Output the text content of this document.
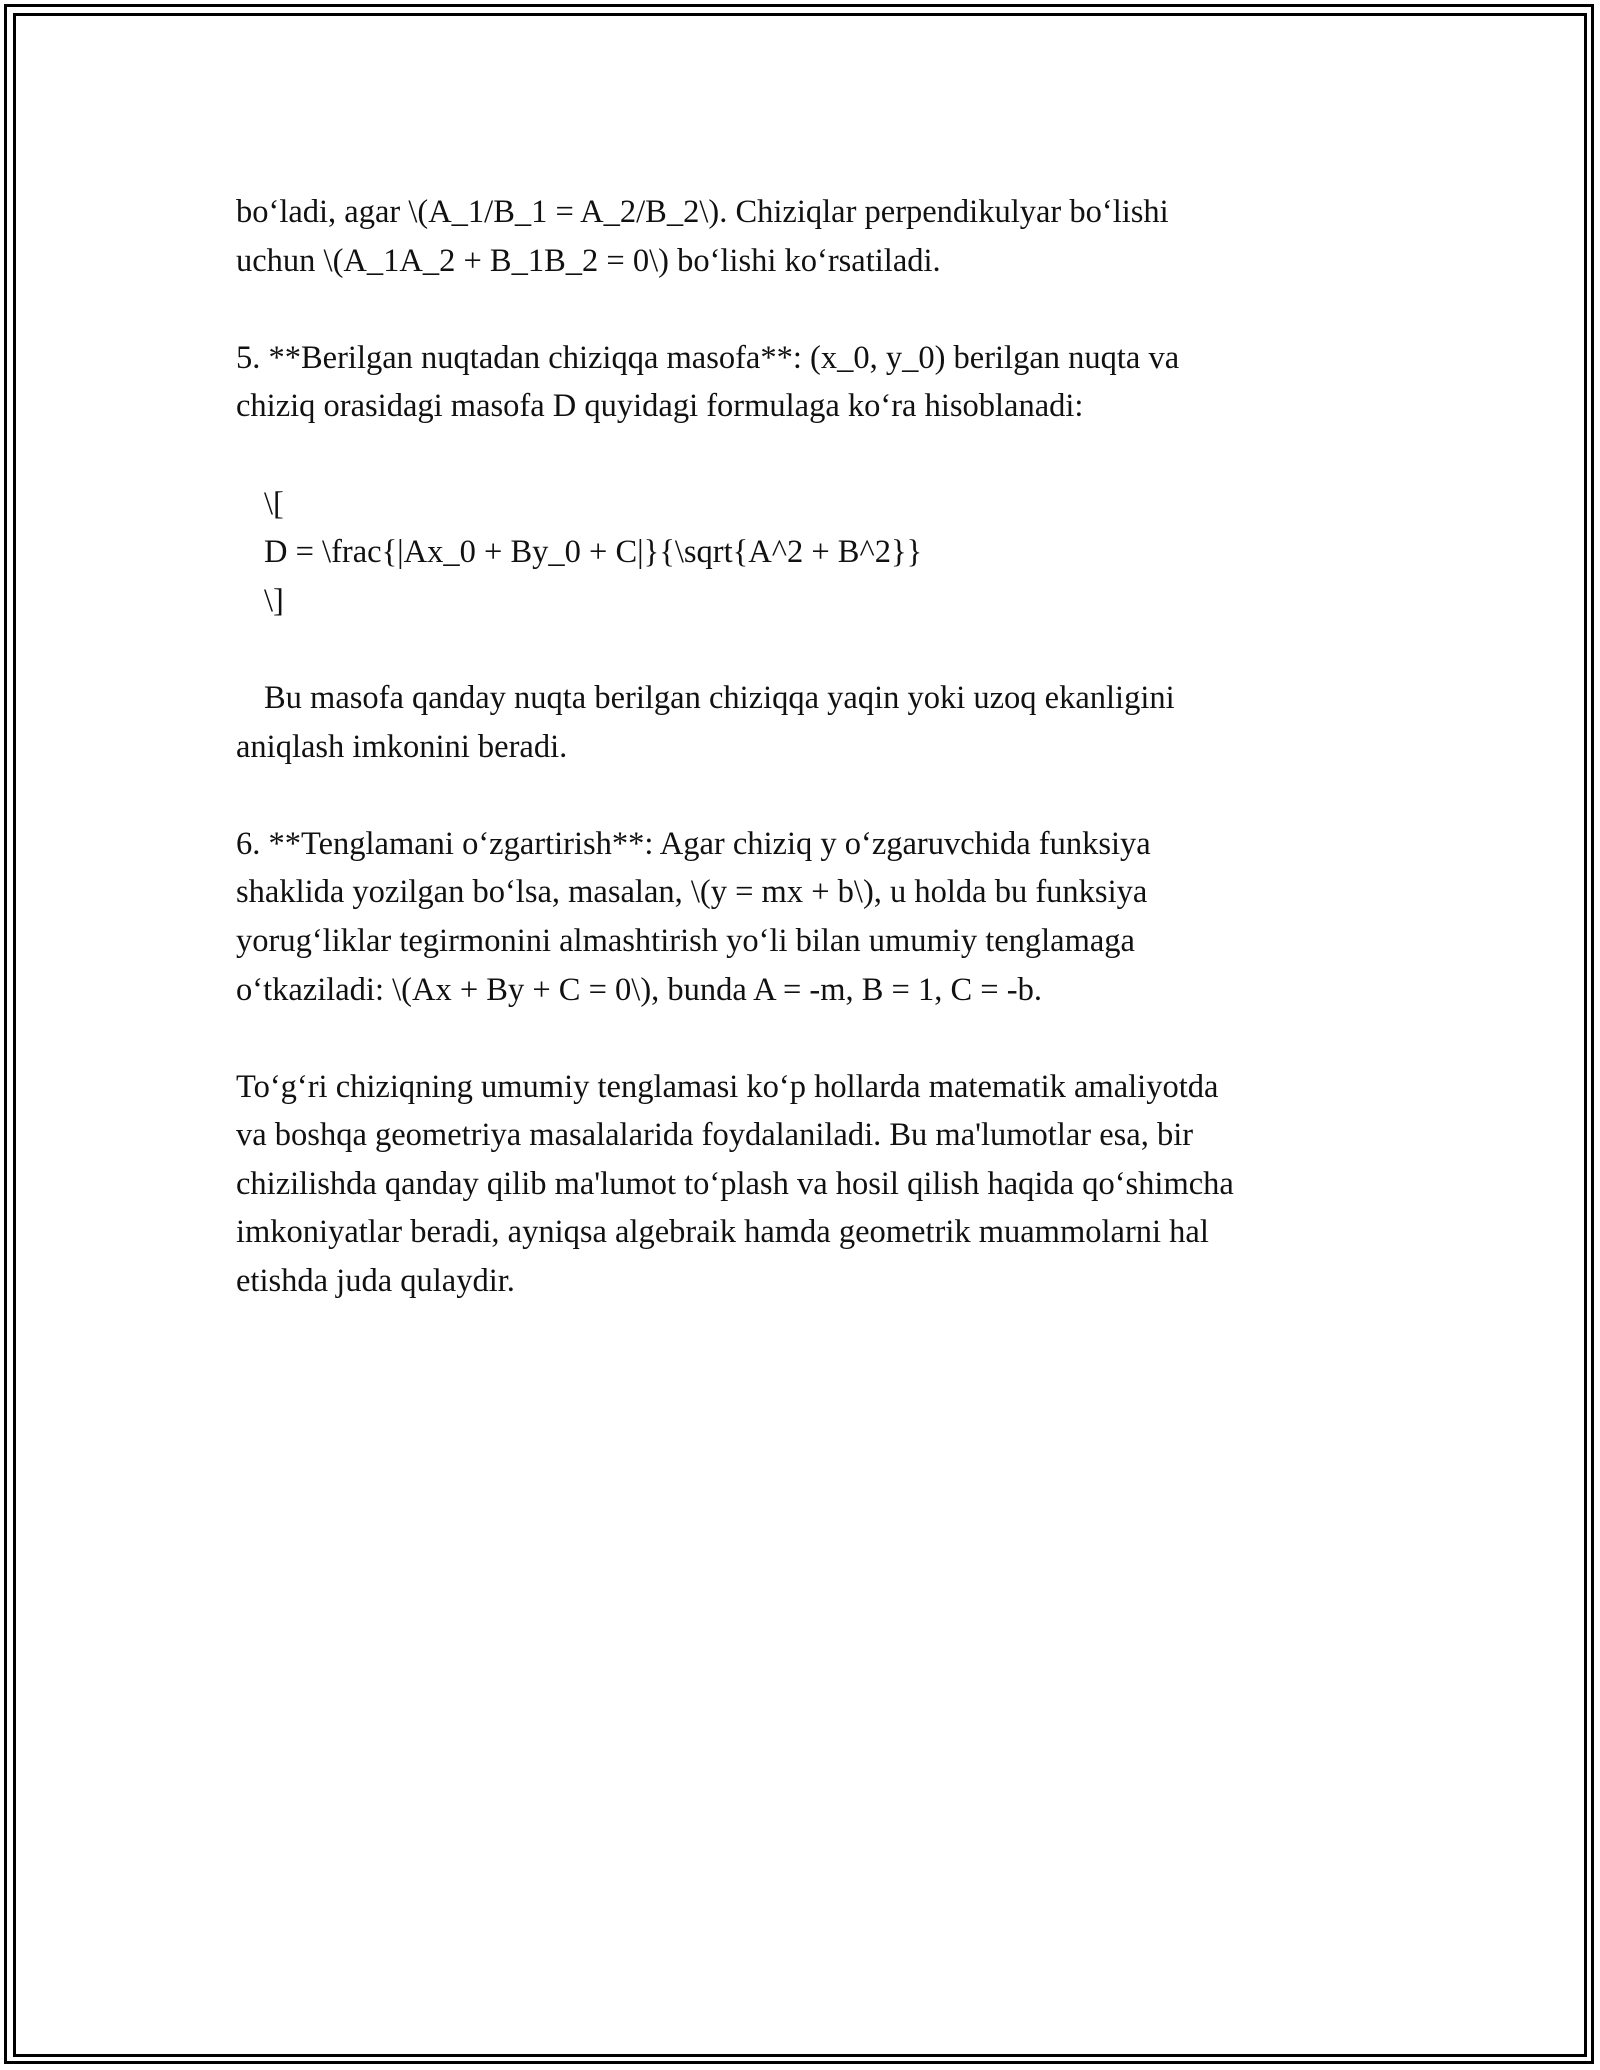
bo‘ladi, agar \(A_1/B_1 = A_2/B_2\). Chiziqlar perpendikulyar bo‘lishi
uchun \(A_1A_2 + B_1B_2 = 0\) bo‘lishi ko‘rsatiladi.

5. **Berilgan nuqtadan chiziqqa masofa**: (x_0, y_0) berilgan nuqta va
chiziq orasidagi masofa D quyidagi formulaga ko‘ra hisoblanadi:

\[
D = \frac{|Ax_0 + By_0 + C|}{\sqrt{A^2 + B^2}}
\]

Bu masofa qanday nuqta berilgan chiziqqa yaqin yoki uzoq ekanligini
aniqlash imkonini beradi.

6. **Tenglamani o‘zgartirish**: Agar chiziq y o‘zgaruvchida funksiya
shaklida yozilgan bo‘lsa, masalan, \(y = mx + b\), u holda bu funksiya
yorug‘liklar tegirmonini almashtirish yo‘li bilan umumiy tenglamaga
o‘tkaziladi: \(Ax + By + C = 0\), bunda A = -m, B = 1, C = -b.

To‘g‘ri chiziqning umumiy tenglamasi ko‘p hollarda matematik amaliyotda
va boshqa geometriya masalalarida foydalaniladi. Bu ma'lumotlar esa, bir
chizilishda qanday qilib ma'lumot to‘plash va hosil qilish haqida qo‘shimcha
imkoniyatlar beradi, ayniqsa algebraik hamda geometrik muammolarni hal
etishda juda qulaydir.
